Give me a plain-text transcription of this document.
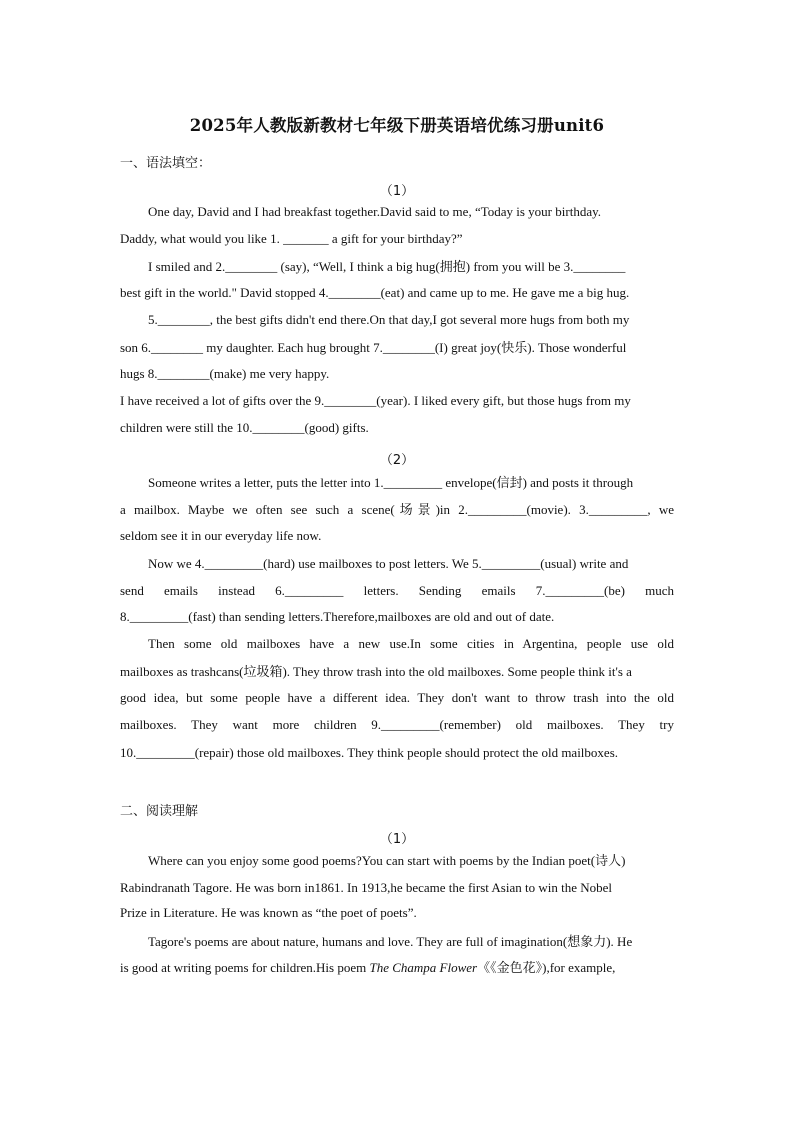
2025年人教版新教材七年级下册英语培优练习册unit6
一、语法填空：
（1）
One day, David and I had breakfast together.David said to me, “Today is your birthday.
Daddy, what would you like 1. _______ a gift for your birthday?”
I smiled and 2.________ (say), “Well, I think a big hug(拥抱) from you will be 3.________
best gift in the world." David stopped 4.________(eat) and came up to me. He gave me a big hug.
5.________, the best gifts didn't end there.On that day,I got several more hugs from both my
son 6.________ my daughter. Each hug brought 7.________(I) great joy(快乐). Those wonderful
hugs 8.________(make) me very happy.
I have received a lot of gifts over the 9.________(year). I liked every gift, but those hugs from my
children were still the 10.________(good) gifts.
（2）
Someone writes a letter, puts the letter into 1._________ envelope(信封) and posts it through
a mailbox. Maybe we often see such a scene(场景)in 2._________(movie). 3._________, we
seldom see it in our everyday life now.
Now we 4._________(hard) use mailboxes to post letters. We 5._________(usual) write and
send emails instead 6._________ letters. Sending emails 7._________(be) much
8._________(fast) than sending letters.Therefore,mailboxes are old and out of date.
Then some old mailboxes have a new use.In some cities in Argentina, people use old
mailboxes as trashcans(垃圾箱). They throw trash into the old mailboxes. Some people think it's a
good idea, but some people have a different idea. They don't want to throw trash into the old
mailboxes. They want more children 9._________(remember) old mailboxes. They try
10._________(repair) those old mailboxes. They think people should protect the old mailboxes.
二、阅读理解
（1）
Where can you enjoy some good poems?You can start with poems by the Indian poet(诗人)
Rabindranath Tagore. He was born in1861. In 1913,he became the first Asian to win the Nobel
Prize in Literature. He was known as “the poet of poets”.
Tagore's poems are about nature, humans and love. They are full of imagination(想象力). He
is good at writing poems for children.His poem The Champa Flower《《金色花》),for example,
